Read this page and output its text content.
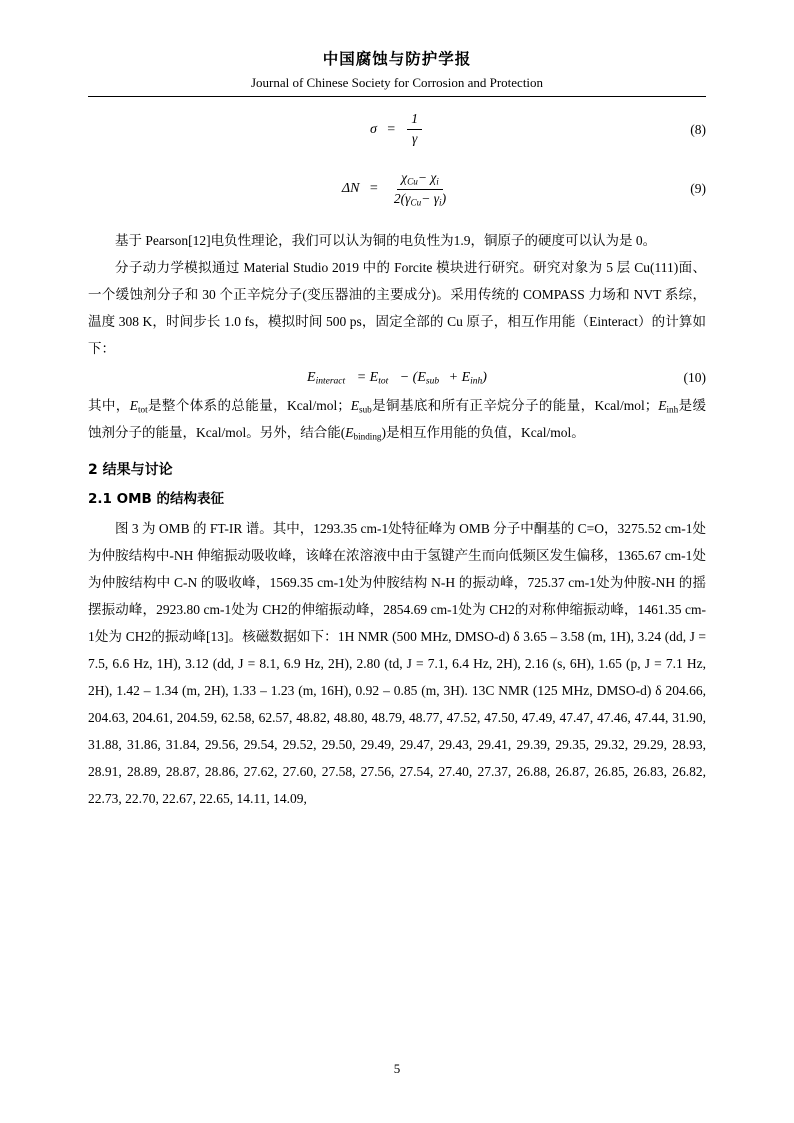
中国腐蚀与防护学报
Journal of Chinese Society for Corrosion and Protection
$\sigma = \frac{1}{\gamma}$	(8)
$\Delta N = \frac{\chi_{Cu}- \chi_i}{2(\gamma_{Cu}- \gamma_i)}$	(9)

基于 Pearson[12]电负性理论，我们可以认为铜的电负性为1.9，铜原子的硬度可以认为是 0。

分子动力学模拟通过 Material Studio 2019 中的 Forcite 模块进行研究。研究对象为 5 层 Cu(111)面、一个缓蚀剂分子和 30 个正辛烷分子(变压器油的主要成分)。采用传统的 COMPASS 力场和 NVT 系综，温度 308 K，时间步长 1.0 fs，模拟时间 500 ps，固定全部的 Cu 原子，相互作用能（Einteract）的计算如下：

$E_{interact} = E_{tot} - (E_{sub} + E_{inh})$	(10)

其中，$E_{tot}$是整个体系的总能量，Kcal/mol；$E_{sub}$是铜基底和所有正辛烷分子的能量，Kcal/mol；$E_{inh}$是缓蚀剂分子的能量，Kcal/mol。另外，结合能$(E_{binding})$是相互作用能的负值，Kcal/mol。

2 结果与讨论
2.1 OMB 的结构表征

图 3 为 OMB 的 FT-IR 谱。其中，1293.35 cm-1处特征峰为 OMB 分子中酮基的 C=O，3275.52 cm-1处为仲胺结构中-NH 伸缩振动吸收峰，该峰在浓溶液中由于氢键产生而向低频区发生偏移，1365.67 cm-1处为仲胺结构中 C-N 的吸收峰，1569.35 cm-1处为仲胺结构 N-H 的振动峰，725.37 cm-1处为仲胺-NH 的摇摆振动峰，2923.80 cm-1处为 CH2的伸缩振动峰，2854.69 cm-1处为 CH2的对称伸缩振动峰，1461.35 cm-1处为 CH2的振动峰[13]。核磁数据如下：1H NMR (500 MHz, DMSO-d) δ 3.65 – 3.58 (m, 1H), 3.24 (dd, J = 7.5, 6.6 Hz, 1H), 3.12 (dd, J = 8.1, 6.9 Hz, 2H), 2.80 (td, J = 7.1, 6.4 Hz, 2H), 2.16 (s, 6H), 1.65 (p, J = 7.1 Hz, 2H), 1.42 – 1.34 (m, 2H), 1.33 – 1.23 (m, 16H), 0.92 – 0.85 (m, 3H). 13C NMR (125 MHz, DMSO-d) δ 204.66, 204.63, 204.61, 204.59, 62.58, 62.57, 48.82, 48.80, 48.79, 48.77, 47.52, 47.50, 47.49, 47.47, 47.46, 47.44, 31.90, 31.88, 31.86, 31.84, 29.56, 29.54, 29.52, 29.50, 29.49, 29.47, 29.43, 29.41, 29.39, 29.35, 29.32, 29.29, 28.93, 28.91, 28.89, 28.87, 28.86, 27.62, 27.60, 27.58, 27.56, 27.54, 27.40, 27.37, 26.88, 26.87, 26.85, 26.83, 26.82, 22.73, 22.70, 22.67, 22.65, 14.11, 14.09,

5
